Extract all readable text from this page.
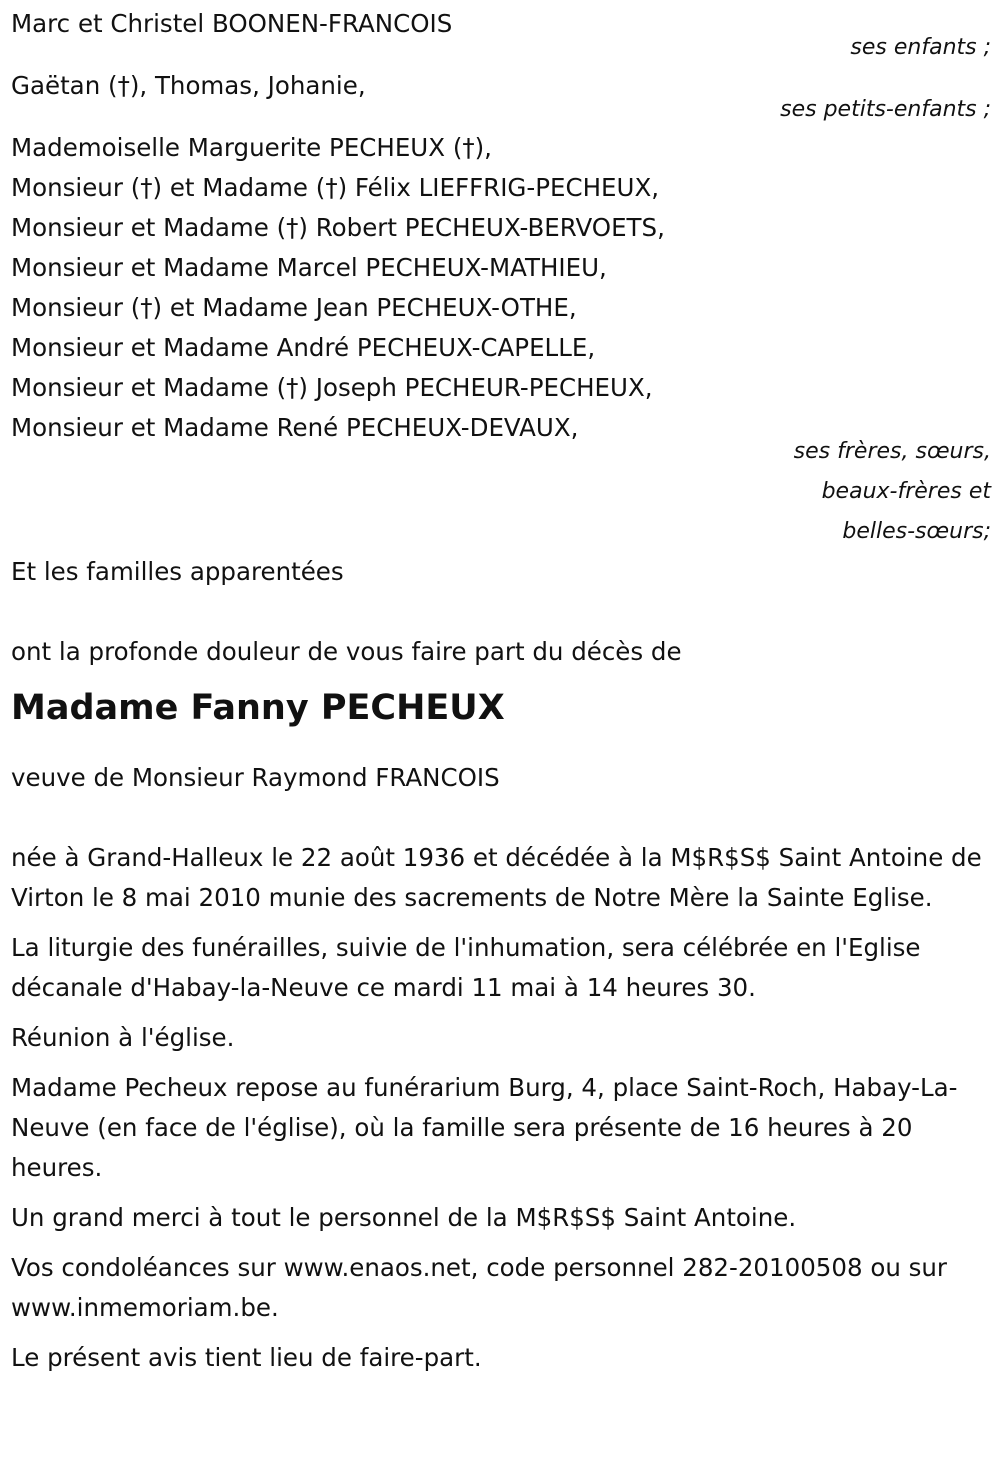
Marc et Christel BOONEN-FRANCOIS
ses enfants ;
Gaëtan (†), Thomas, Johanie,
ses petits-enfants ;
Mademoiselle Marguerite PECHEUX (†),
Monsieur (†) et Madame (†) Félix LIEFFRIG-PECHEUX,
Monsieur et Madame (†) Robert PECHEUX-BERVOETS,
Monsieur et Madame Marcel PECHEUX-MATHIEU,
Monsieur (†) et Madame Jean PECHEUX-OTHE,
Monsieur et Madame André PECHEUX-CAPELLE,
Monsieur et Madame (†) Joseph PECHEUR-PECHEUX,
Monsieur et Madame René PECHEUX-DEVAUX,
ses frères, sœurs,
beaux-frères et
belles-sœurs;
Et les familles apparentées
ont la profonde douleur de vous faire part du décès de
Madame Fanny PECHEUX
veuve de Monsieur Raymond FRANCOIS
née à Grand-Halleux le 22 août 1936 et décédée à la M$R$S$ Saint Antoine de Virton le 8 mai 2010 munie des sacrements de Notre Mère la Sainte Eglise.
La liturgie des funérailles, suivie de l'inhumation, sera célébrée en l'Eglise décanale d'Habay-la-Neuve ce mardi 11 mai à 14 heures 30.
Réunion à l'église.
Madame Pecheux repose au funérarium Burg, 4, place Saint-Roch, Habay-La-Neuve (en face de l'église), où la famille sera présente de 16 heures à 20 heures.
Un grand merci à tout le personnel de la M$R$S$ Saint Antoine.
Vos condoléances sur www.enaos.net, code personnel 282-20100508 ou sur www.inmemoriam.be.
Le présent avis tient lieu de faire-part.
